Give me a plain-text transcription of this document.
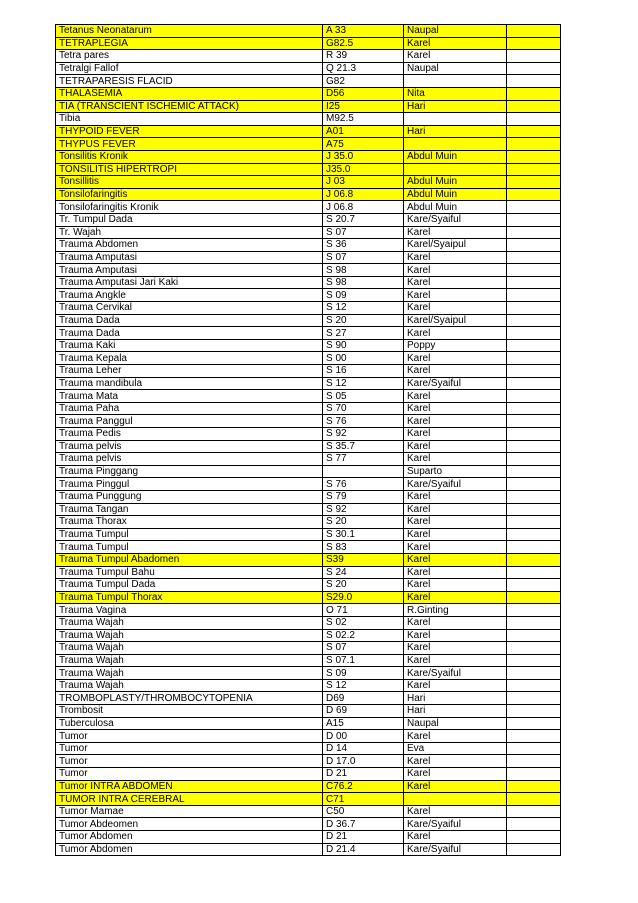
Tetanus Neonatarum	A 33	Naupal	
TETRAPLEGIA	G82.5	Karel	
Tetra pares	R 39	Karel	
Tetralgi Fallof	Q 21.3	Naupal	
TETRAPARESIS FLACID	G82		
THALASEMIA	D56	Nita	
TIA (TRANSCIENT ISCHEMIC ATTACK)	I25	Hari	
Tibia	M92.5		
THYPOID FEVER	A01	Hari	
THYPUS FEVER	A75		
Tonsilitis Kronik	J 35.0	Abdul Muin	
TONSILITIS HIPERTROPI	J35.0		
Tonsillitis	J 03	Abdul Muin	
Tonsilofaringitis	J 06.8	Abdul Muin	
Tonsilofaringitis Kronik	J 06.8	Abdul Muin	
Tr. Tumpul Dada	S 20.7	Kare/Syaiful	
Tr. Wajah	S 07	Karel	
Trauma Abdomen	S 36	Karel/Syaipul	
Trauma Amputasi	S 07	Karel	
Trauma Amputasi	S 98	Karel	
Trauma Amputasi Jari Kaki	S 98	Karel	
Trauma Angkle	S 09	Karel	
Trauma Cervikal	S 12	Karel	
Trauma Dada	S 20	Karel/Syaipul	
Trauma Dada	S 27	Karel	
Trauma Kaki	S 90	Poppy	
Trauma Kepala	S 00	Karel	
Trauma Leher	S 16	Karel	
Trauma mandibula	S 12	Kare/Syaiful	
Trauma Mata	S 05	Karel	
Trauma Paha	S 70	Karel	
Trauma Panggul	S 76	Karel	
Trauma Pedis	S 92	Karel	
Trauma pelvis	S 35.7	Karel	
Trauma pelvis	S 77	Karel	
Trauma Pinggang		Suparto	
Trauma Pinggul	S 76	Kare/Syaiful	
Trauma Punggung	S 79	Karel	
Trauma Tangan	S 92	Karel	
Trauma Thorax	S 20	Karel	
Trauma Tumpul	S 30.1	Karel	
Trauma Tumpul	S 83	Karel	
Trauma Tumpul Abadomen	S39	Karel	
Trauma Tumpul Bahu	S 24	Karel	
Trauma Tumpul Dada	S 20	Karel	
Trauma Tumpul Thorax	S29.0	Karel	
Trauma Vagina	O 71	R.Ginting	
Trauma Wajah	S 02	Karel	
Trauma Wajah	S 02.2	Karel	
Trauma Wajah	S 07	Karel	
Trauma Wajah	S 07.1	Karel	
Trauma Wajah	S 09	Kare/Syaiful	
Trauma Wajah	S 12	Karel	
TROMBOPLASTY/THROMBOCYTOPENIA	D69	Hari	
Trombosit	D 69	Hari	
Tuberculosa	A15	Naupal	
Tumor	D 00	Karel	
Tumor	D 14	Eva	
Tumor	D 17.0	Karel	
Tumor	D 21	Karel	
Tumor INTRA ABDOMEN	C76.2	Karel	
TUMOR INTRA CEREBRAL	C71		
Tumor Mamae	C50	Karel	
Tumor Abdeomen	D 36.7	Kare/Syaiful	
Tumor Abdomen	D 21	Karel	
Tumor Abdomen	D 21.4	Kare/Syaiful	
